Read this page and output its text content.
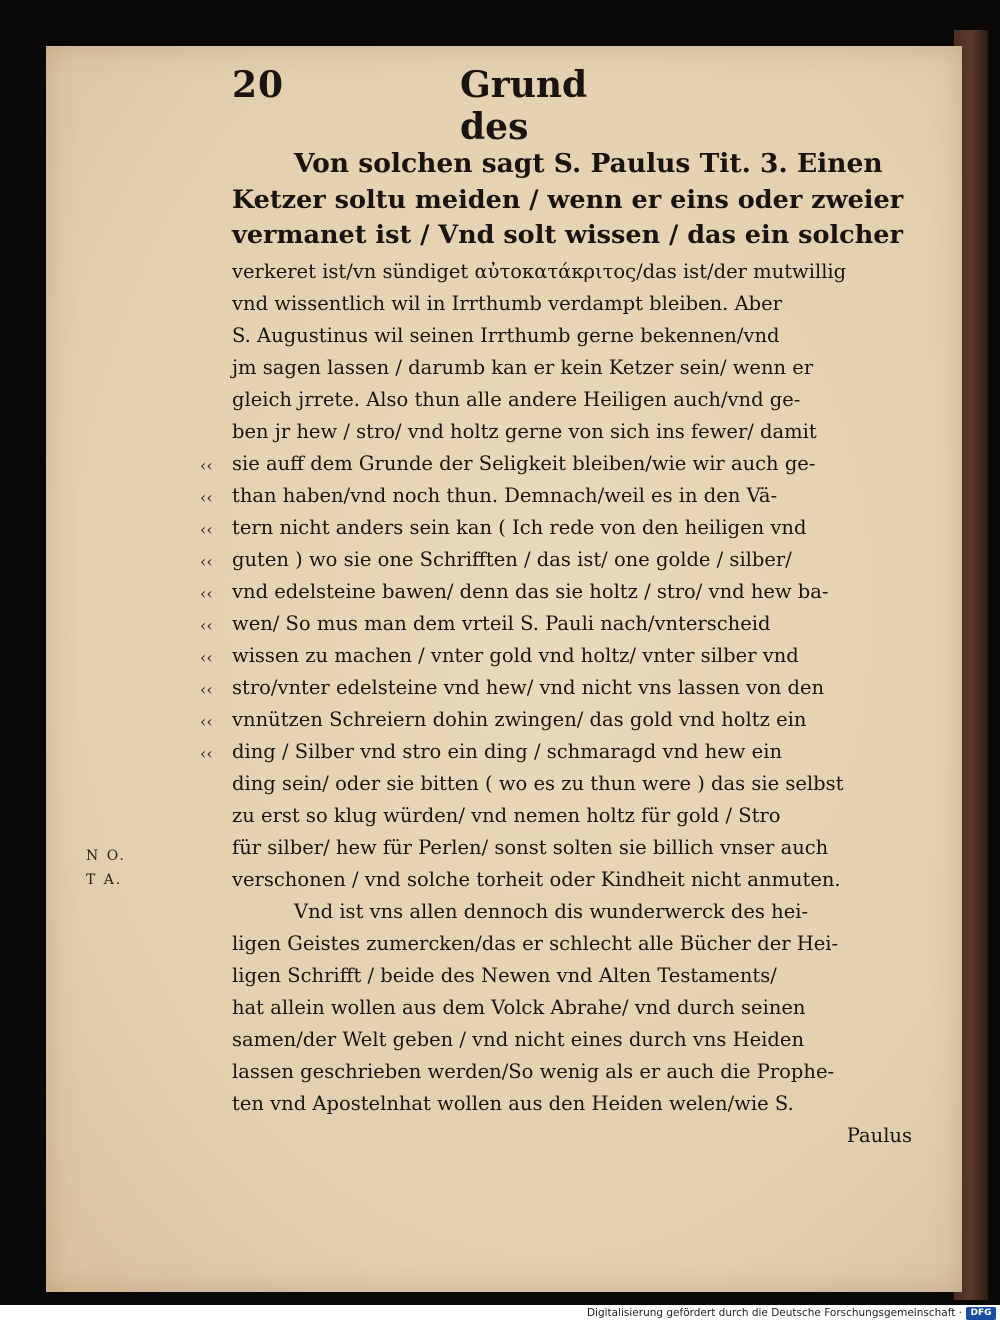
20	Grund des
Von solchen sagt S. Paulus Tit. 3. Einen
Ketzer soltu meiden / wenn er eins oder zweier
vermanet ist / Vnd solt wissen / das ein solcher
verkeret ist/vn sündiget αὐτοκατάκριτος/das ist/der mutwillig
vnd wissentlich wil in Irrthumb verdampt bleiben. Aber
S. Augustinus wil seinen Irrthumb gerne bekennen/vnd
jm sagen lassen / darumb kan er kein Ketzer sein/ wenn er
gleich jrrete. Also thun alle andere Heiligen auch/vnd ge-
ben jr hew / stro/ vnd holtz gerne von sich ins fewer/ damit
sie auff dem Grunde der Seligkeit bleiben/wie wir auch ge-
than haben/vnd noch thun. Demnach/weil es in den Vä-
tern nicht anders sein kan ( Ich rede von den heiligen vnd
guten ) wo sie one Schrifften / das ist/ one golde / silber/
vnd edelsteine bawen/ denn das sie holtz / stro/ vnd hew ba-
wen/ So mus man dem vrteil S. Pauli nach/vnterscheid
wissen zu machen / vnter gold vnd holtz/ vnter silber vnd
stro/vnter edelsteine vnd hew/ vnd nicht vns lassen von den
vnnützen Schreiern dohin zwingen/ das gold vnd holtz ein
ding / Silber vnd stro ein ding / schmaragd vnd hew ein
ding sein/ oder sie bitten ( wo es zu thun were ) das sie selbst
zu erst so klug würden/ vnd nemen holtz für gold / Stro
für silber/ hew für Perlen/ sonst solten sie billich vnser auch
verschonen / vnd solche torheit oder Kindheit nicht anmuten.
Vnd ist vns allen dennoch dis wunderwerck des hei-
ligen Geistes zumercken/das er schlecht alle Bücher der Hei-
ligen Schrifft / beide des Newen vnd Alten Testaments/
hat allein wollen aus dem Volck Abrahe/ vnd durch seinen
samen/der Welt geben / vnd nicht eines durch vns Heiden
lassen geschrieben werden/So wenig als er auch die Prophe-
ten vnd Apostelnhat wollen aus den Heiden welen/wie S.
Paulus
‹‹
‹‹
‹‹
‹‹
‹‹
‹‹
‹‹
‹‹
‹‹
‹‹
N O.
T A.
Digitalisierung gefördert durch die Deutsche Forschungsgemeinschaft · DFG
